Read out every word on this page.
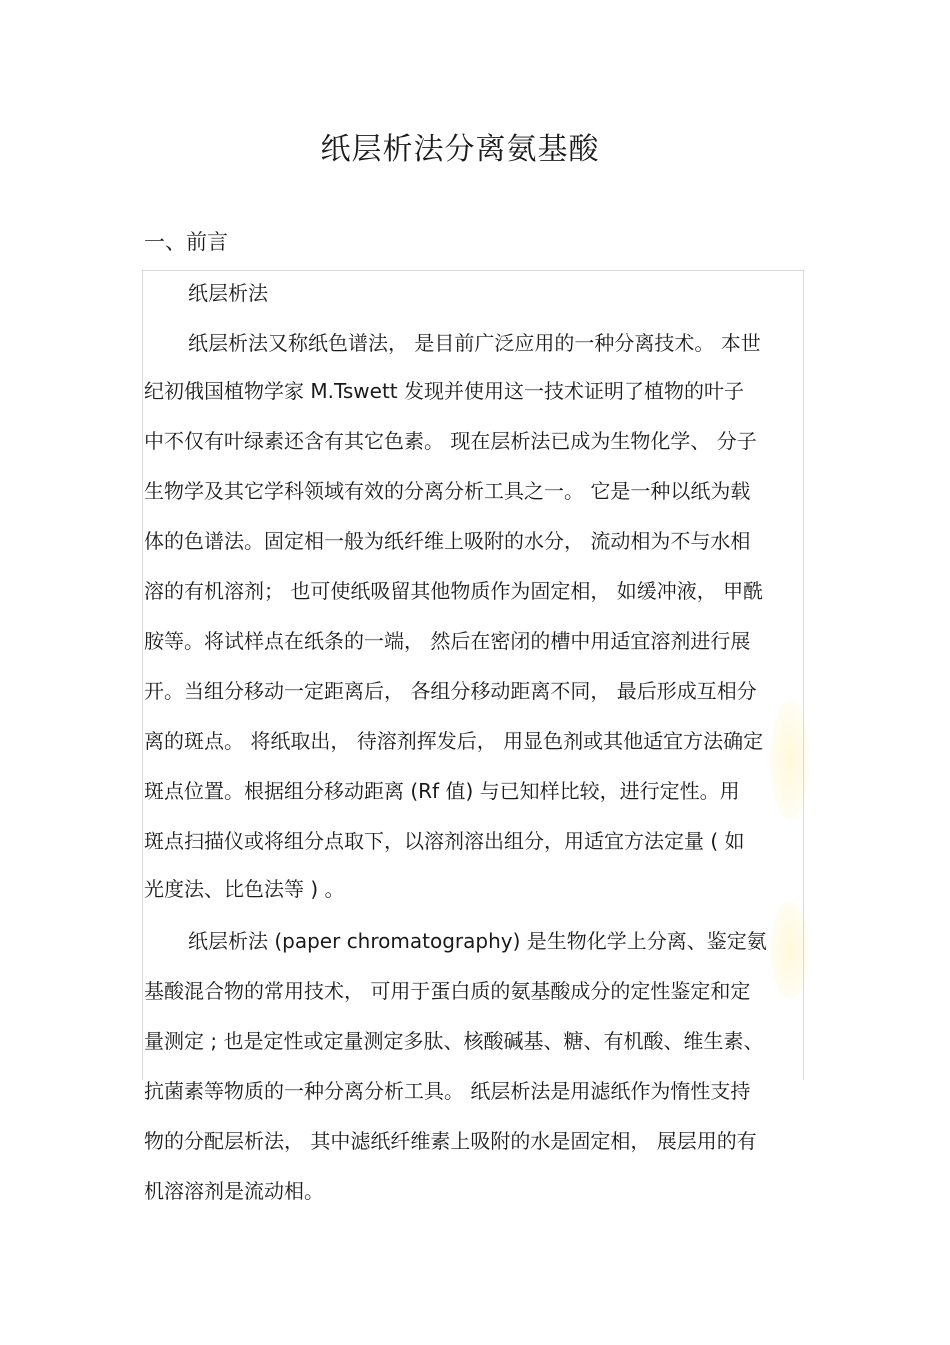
纸层析法分离氨基酸
一、前言
纸层析法
纸层析法又称纸色谱法， 是目前广泛应用的一种分离技术。 本世
纪初俄国植物学家 M.Tswett 发现并使用这一技术证明了植物的叶子
中不仅有叶绿素还含有其它色素。 现在层析法已成为生物化学、 分子
生物学及其它学科领域有效的分离分析工具之一。 它是一种以纸为载
体的色谱法。固定相一般为纸纤维上吸附的水分， 流动相为不与水相
溶的有机溶剂； 也可使纸吸留其他物质作为固定相， 如缓冲液， 甲酰
胺等。将试样点在纸条的一端， 然后在密闭的槽中用适宜溶剂进行展
开。当组分移动一定距离后， 各组分移动距离不同， 最后形成互相分
离的斑点。 将纸取出， 待溶剂挥发后， 用显色剂或其他适宜方法确定
斑点位置。根据组分移动距离 (Rf 值) 与已知样比较，进行定性。用
斑点扫描仪或将组分点取下，以溶剂溶出组分，用适宜方法定量 ( 如
光度法、比色法等 ) 。
纸层析法 (paper chromatography) 是生物化学上分离、鉴定氨
基酸混合物的常用技术， 可用于蛋白质的氨基酸成分的定性鉴定和定
量测定 ; 也是定性或定量测定多肽、核酸碱基、糖、有机酸、维生素、
抗菌素等物质的一种分离分析工具。 纸层析法是用滤纸作为惰性支持
物的分配层析法， 其中滤纸纤维素上吸附的水是固定相， 展层用的有
机溶溶剂是流动相。
